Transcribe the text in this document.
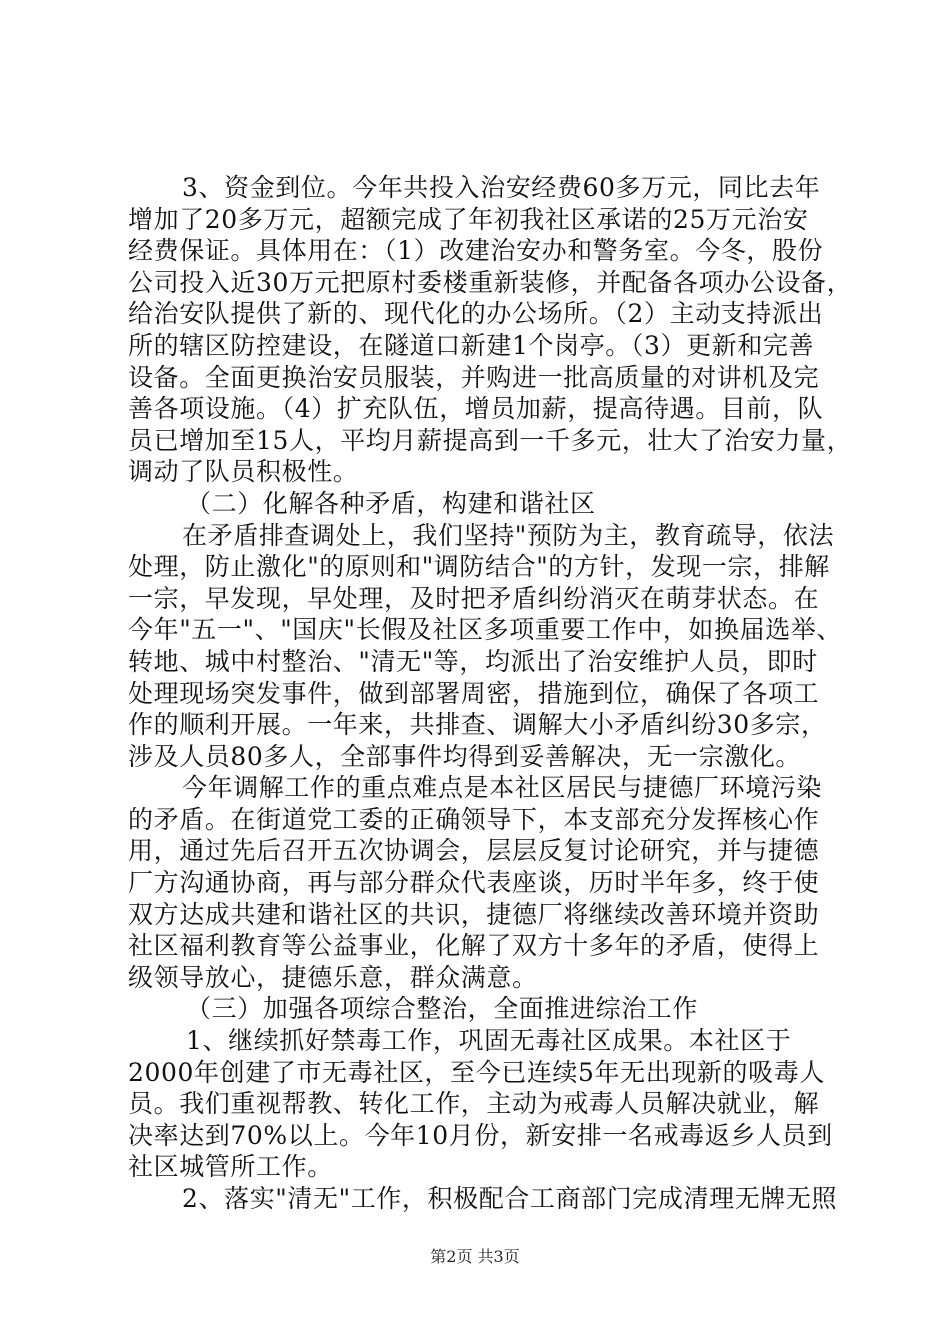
3、资金到位。今年共投入治安经费60多万元，同比去年
增加了20多万元，超额完成了年初我社区承诺的25万元治安
经费保证。具体用在：（1）改建治安办和警务室。今冬，股份
公司投入近30万元把原村委楼重新装修，并配备各项办公设备，
给治安队提供了新的、现代化的办公场所。（2）主动支持派出
所的辖区防控建设，在隧道口新建1个岗亭。（3）更新和完善
设备。全面更换治安员服装，并购进一批高质量的对讲机及完
善各项设施。（4）扩充队伍，增员加薪，提高待遇。目前，队
员已增加至15人，平均月薪提高到一千多元，壮大了治安力量，
调动了队员积极性。
（二）化解各种矛盾，构建和谐社区
在矛盾排查调处上，我们坚持"预防为主，教育疏导，依法
处理，防止激化"的原则和"调防结合"的方针，发现一宗，排解
一宗，早发现，早处理，及时把矛盾纠纷消灭在萌芽状态。在
今年"五一"、"国庆"长假及社区多项重要工作中，如换届选举、
转地、城中村整治、"清无"等，均派出了治安维护人员，即时
处理现场突发事件，做到部署周密，措施到位，确保了各项工
作的顺利开展。一年来，共排查、调解大小矛盾纠纷30多宗，
涉及人员80多人，全部事件均得到妥善解决，无一宗激化。
今年调解工作的重点难点是本社区居民与捷德厂环境污染
的矛盾。在街道党工委的正确领导下，本支部充分发挥核心作
用，通过先后召开五次协调会，层层反复讨论研究，并与捷德
厂方沟通协商，再与部分群众代表座谈，历时半年多，终于使
双方达成共建和谐社区的共识，捷德厂将继续改善环境并资助
社区福利教育等公益事业，化解了双方十多年的矛盾，使得上
级领导放心，捷德乐意，群众满意。
（三）加强各项综合整治，全面推进综治工作
1、继续抓好禁毒工作，巩固无毒社区成果。本社区于
2000年创建了市无毒社区，至今已连续5年无出现新的吸毒人
员。我们重视帮教、转化工作，主动为戒毒人员解决就业，解
决率达到70%以上。今年10月份，新安排一名戒毒返乡人员到
社区城管所工作。
2、落实"清无"工作，积极配合工商部门完成清理无牌无照
第2页 共3页
